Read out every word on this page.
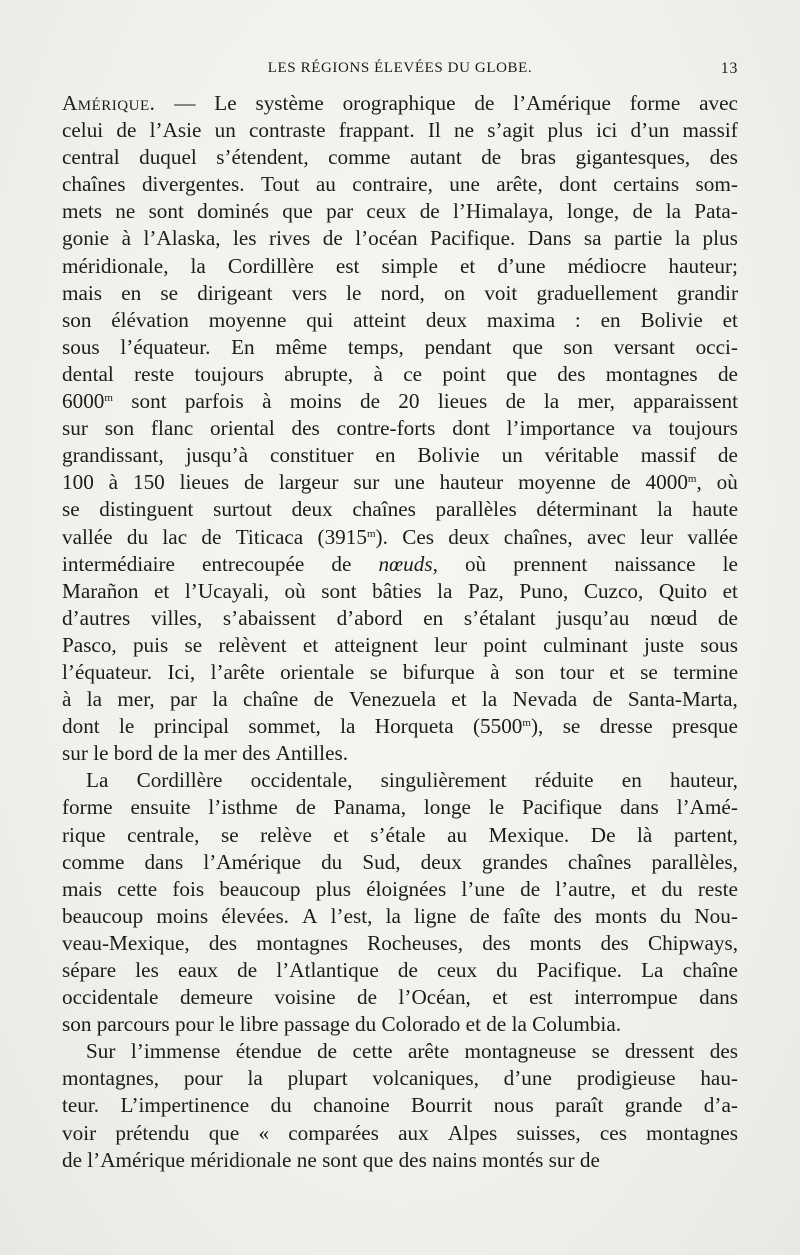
LES RÉGIONS ÉLEVÉES DU GLOBE.	13
Amérique. — Le système orographique de l’Amérique forme avec
celui de l’Asie un contraste frappant. Il ne s’agit plus ici d’un massif
central duquel s’étendent, comme autant de bras gigantesques, des
chaînes divergentes. Tout au contraire, une arête, dont certains som-
mets ne sont dominés que par ceux de l’Himalaya, longe, de la Pata-
gonie à l’Alaska, les rives de l’océan Pacifique. Dans sa partie la plus
méridionale, la Cordillère est simple et d’une médiocre hauteur;
mais en se dirigeant vers le nord, on voit graduellement grandir
son élévation moyenne qui atteint deux maxima : en Bolivie et
sous l’équateur. En même temps, pendant que son versant occi-
dental reste toujours abrupte, à ce point que des montagnes de
6000$^m$ sont parfois à moins de 20 lieues de la mer, apparaissent
sur son flanc oriental des contre-forts dont l’importance va toujours
grandissant, jusqu’à constituer en Bolivie un véritable massif de
100 à 150 lieues de largeur sur une hauteur moyenne de 4000$^m$, où
se distinguent surtout deux chaînes parallèles déterminant la haute
vallée du lac de Titicaca (3915$^m$). Ces deux chaînes, avec leur vallée
intermédiaire entrecoupée de nœuds, où prennent naissance le
Marañon et l’Ucayali, où sont bâties la Paz, Puno, Cuzco, Quito et
d’autres villes, s’abaissent d’abord en s’étalant jusqu’au nœud de
Pasco, puis se relèvent et atteignent leur point culminant juste sous
l’équateur. Ici, l’arête orientale se bifurque à son tour et se termine
à la mer, par la chaîne de Venezuela et la Nevada de Santa-Marta,
dont le principal sommet, la Horqueta (5500$^m$), se dresse presque
sur
le
bord
de
la
mer
des
Antilles.
La Cordillère occidentale, singulièrement réduite en hauteur,
forme ensuite l’isthme de Panama, longe le Pacifique dans l’Amé-
rique centrale, se relève et s’étale au Mexique. De là partent,
comme dans l’Amérique du Sud, deux grandes chaînes parallèles,
mais cette fois beaucoup plus éloignées l’une de l’autre, et du reste
beaucoup moins élevées. A l’est, la ligne de faîte des monts du Nou-
veau-Mexique, des montagnes Rocheuses, des monts des Chipways,
sépare les eaux de l’Atlantique de ceux du Pacifique. La chaîne
occidentale demeure voisine de l’Océan, et est interrompue dans
son
parcours
pour
le
libre
passage
du
Colorado
et
de
la
Columbia.
Sur l’immense étendue de cette arête montagneuse se dressent des
montagnes, pour la plupart volcaniques, d’une prodigieuse hau-
teur. L’impertinence du chanoine Bourrit nous paraît grande d’a-
voir prétendu que « comparées aux Alpes suisses, ces montagnes
de
l’Amérique
méridionale
ne
sont
que
des
nains
montés
sur
de
